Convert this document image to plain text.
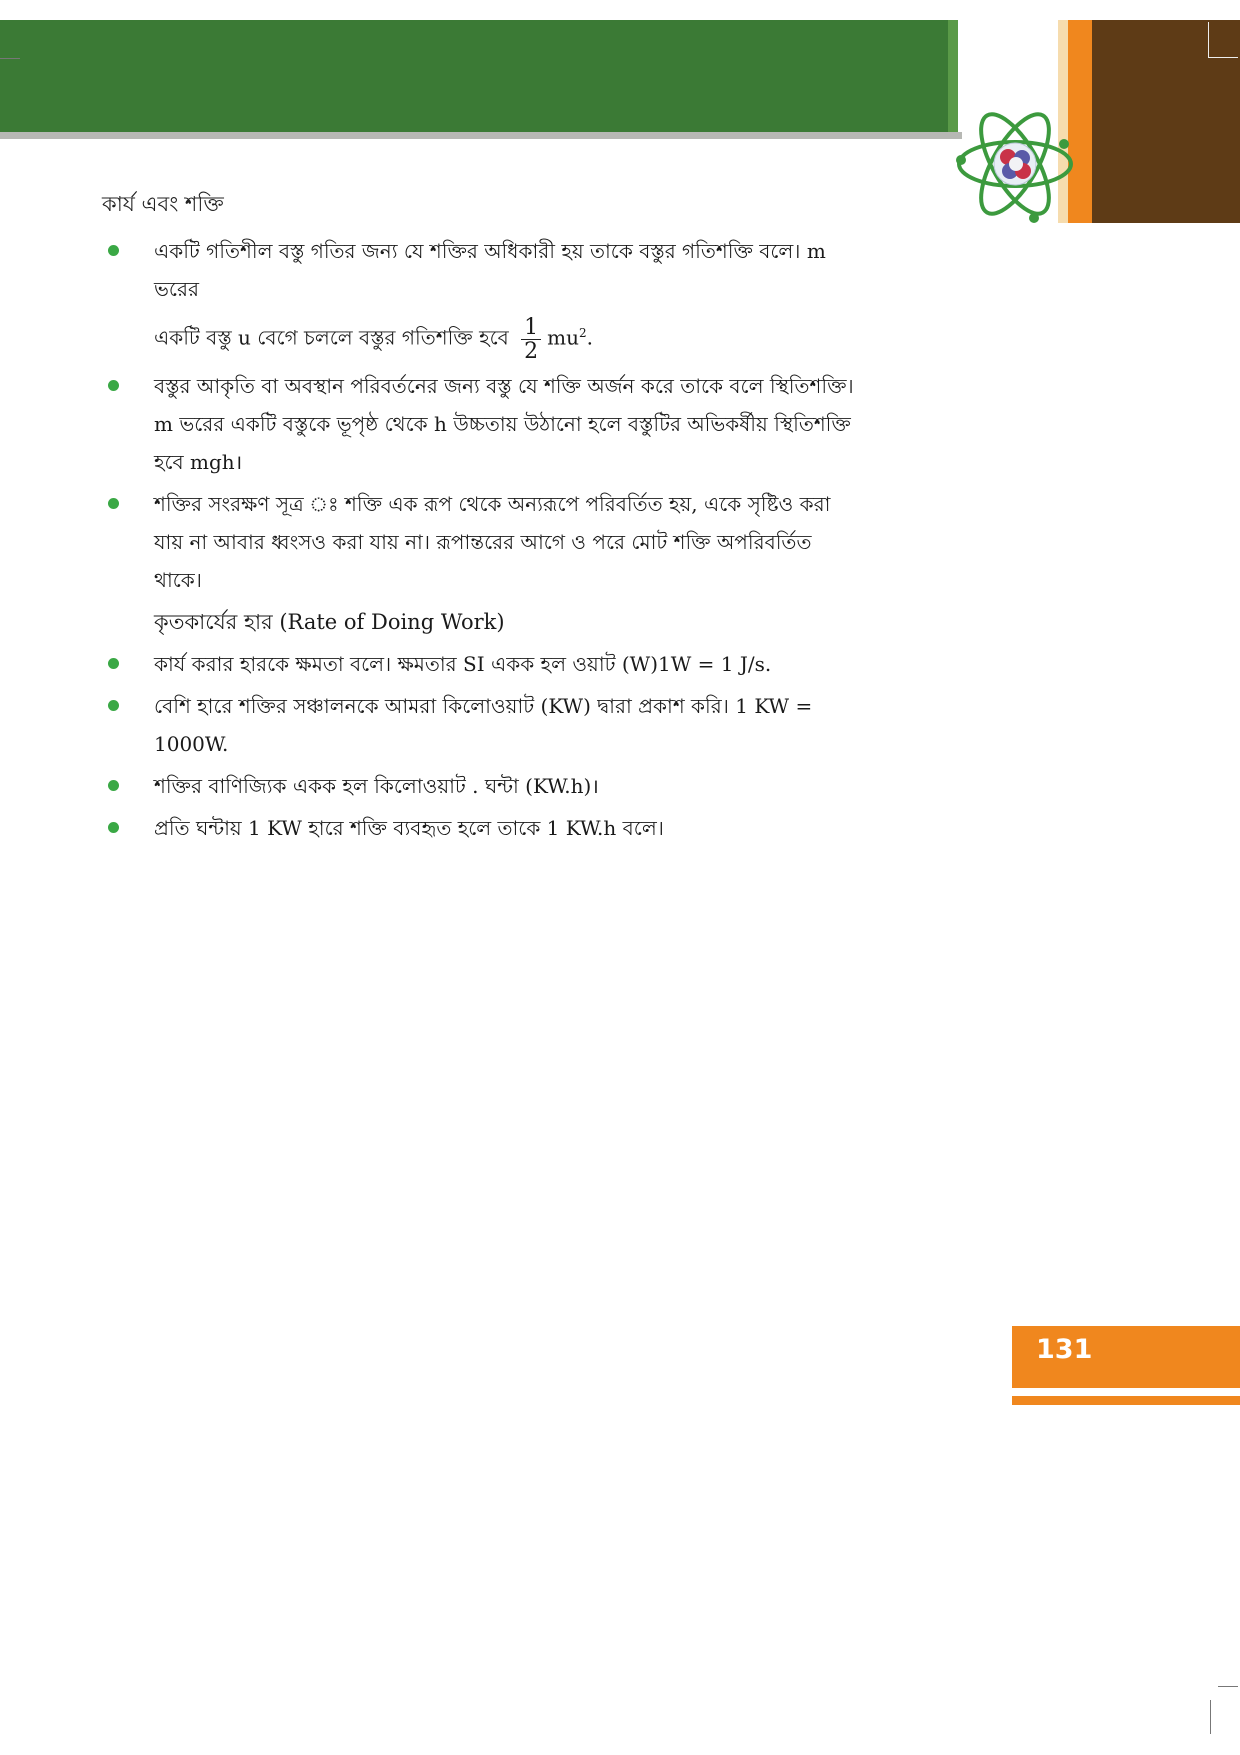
কার্য এবং শক্তি
একটি গতিশীল বস্তু গতির জন্য যে শক্তির অধিকারী হয় তাকে বস্তুর গতিশক্তি বলে। m ভরের
একটি বস্তু u বেগে চললে বস্তুর গতিশক্তি হবে $\frac{1}{2} mu^2$.
বস্তুর আকৃতি বা অবস্থান পরিবর্তনের জন্য বস্তু যে শক্তি অর্জন করে তাকে বলে স্থিতিশক্তি। m ভরের একটি বস্তুকে ভূপৃষ্ঠ থেকে h উচ্চতায় উঠানো হলে বস্তুটির অভিকর্ষীয় স্থিতিশক্তি হবে mgh।
শক্তির সংরক্ষণ সূত্র ঃ শক্তি এক রূপ থেকে অন্যরূপে পরিবর্তিত হয়, একে সৃষ্টিও করা যায় না আবার ধ্বংসও করা যায় না। রূপান্তরের আগে ও পরে মোট শক্তি অপরিবর্তিত থাকে।
কৃতকার্যের হার (Rate of Doing Work)
কার্য করার হারকে ক্ষমতা বলে। ক্ষমতার SI একক হল ওয়াট (W)1W = 1 J/s.
বেশি হারে শক্তির সঞ্চালনকে আমরা কিলোওয়াট (KW) দ্বারা প্রকাশ করি। 1 KW = 1000W.
শক্তির বাণিজ্যিক একক হল কিলোওয়াট . ঘন্টা (KW.h)।
প্রতি ঘন্টায় 1 KW হারে শক্তি ব্যবহৃত হলে তাকে 1 KW.h বলে।
131
